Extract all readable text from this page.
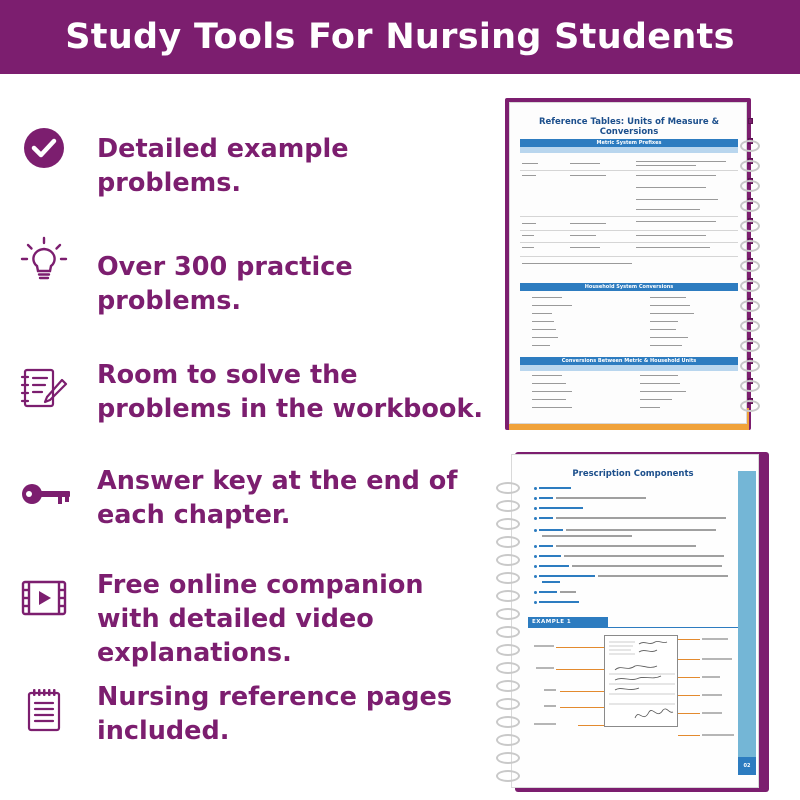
Study Tools For Nursing Students
Detailed example problems.
Over 300 practice problems.
Room to solve the problems in the workbook.
Answer key at the end of each chapter.
Free online companion with detailed video explanations.
Nursing reference pages included.
Reference Tables: Units of Measure & Conversions
Metric System Prefixes
Household System Conversions
Conversions Between Metric & Household Units
Prescription Components
02
EXAMPLE 1
